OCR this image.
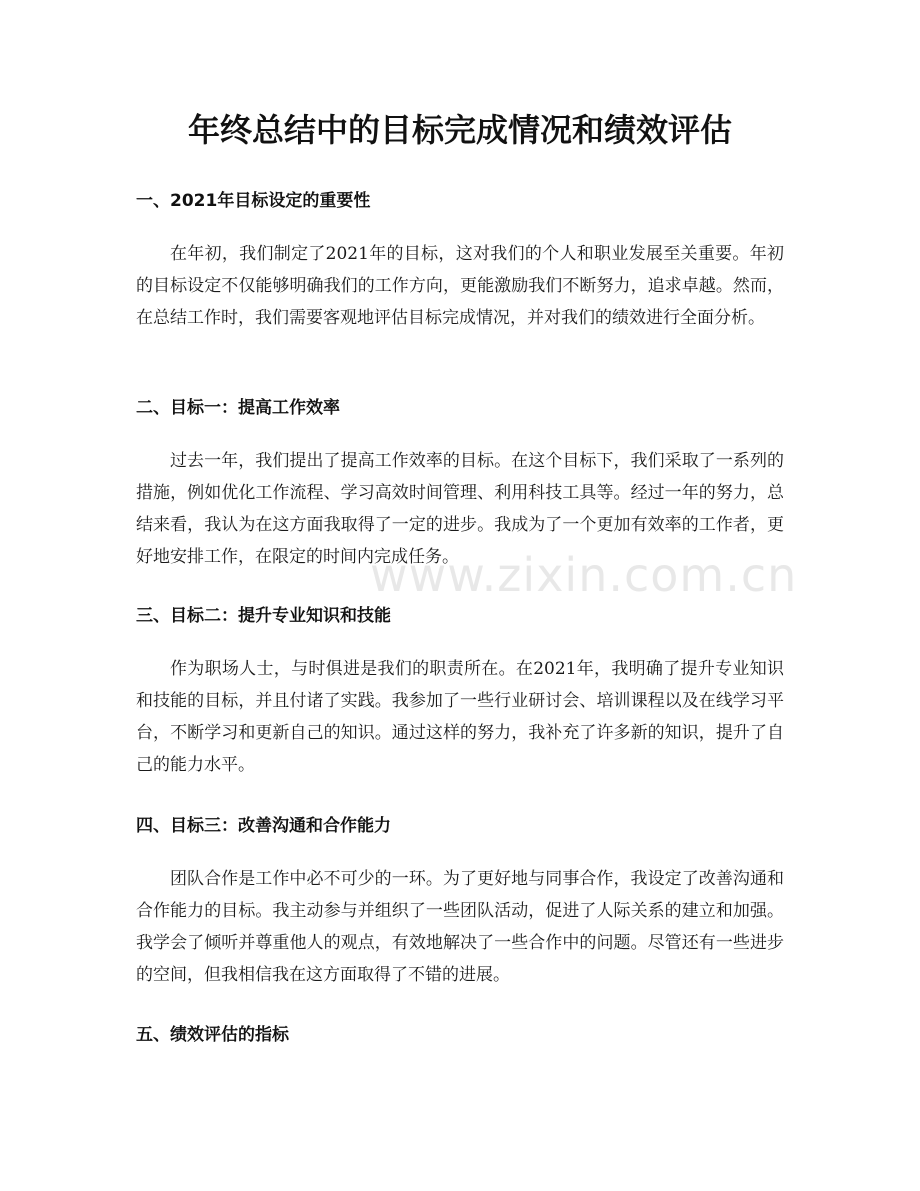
年终总结中的目标完成情况和绩效评估
一、2021年目标设定的重要性

在年初，我们制定了2021年的目标，这对我们的个人和职业发展至关重要。年初的目标设定不仅能够明确我们的工作方向，更能激励我们不断努力，追求卓越。然而，在总结工作时，我们需要客观地评估目标完成情况，并对我们的绩效进行全面分析。

二、目标一：提高工作效率

过去一年，我们提出了提高工作效率的目标。在这个目标下，我们采取了一系列的措施，例如优化工作流程、学习高效时间管理、利用科技工具等。经过一年的努力，总结来看，我认为在这方面我取得了一定的进步。我成为了一个更加有效率的工作者，更好地安排工作，在限定的时间内完成任务。

三、目标二：提升专业知识和技能

作为职场人士，与时俱进是我们的职责所在。在2021年，我明确了提升专业知识和技能的目标，并且付诸了实践。我参加了一些行业研讨会、培训课程以及在线学习平台，不断学习和更新自己的知识。通过这样的努力，我补充了许多新的知识，提升了自己的能力水平。

四、目标三：改善沟通和合作能力

团队合作是工作中必不可少的一环。为了更好地与同事合作，我设定了改善沟通和合作能力的目标。我主动参与并组织了一些团队活动，促进了人际关系的建立和加强。我学会了倾听并尊重他人的观点，有效地解决了一些合作中的问题。尽管还有一些进步的空间，但我相信我在这方面取得了不错的进展。

五、绩效评估的指标
www.zixin.com.cn
